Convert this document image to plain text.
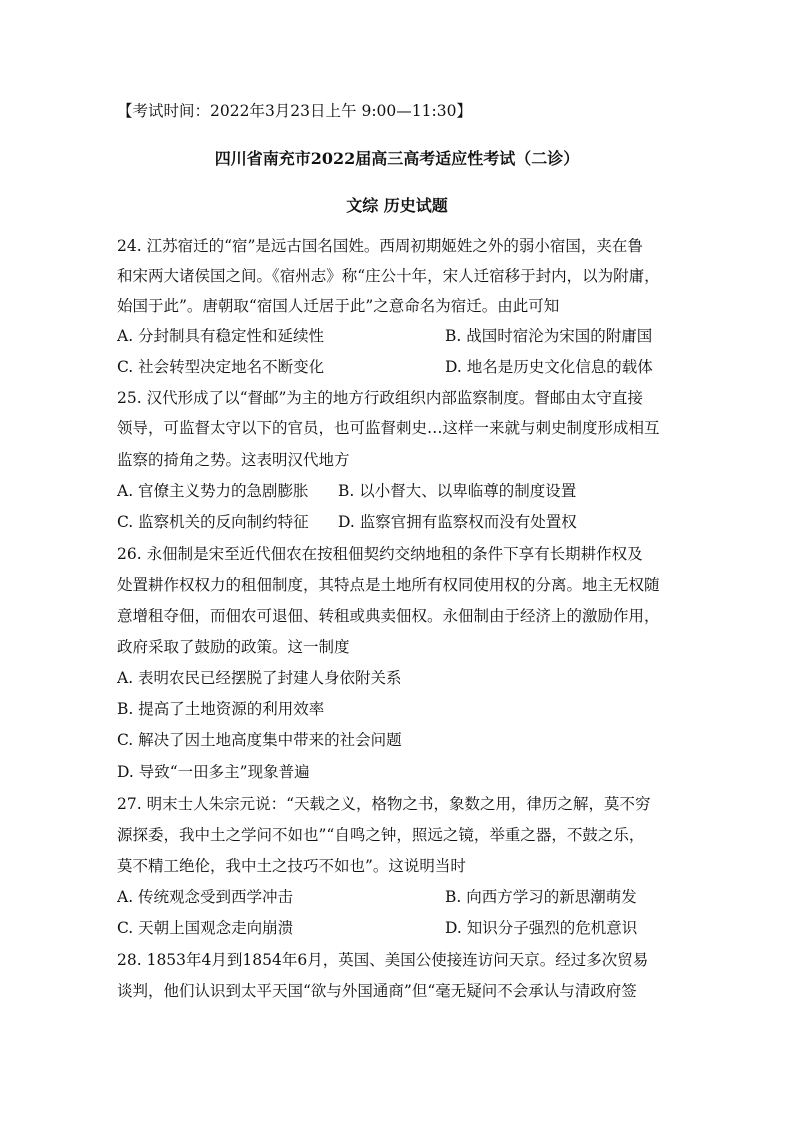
【考试时间：2022年3月23日上午 9:00—11:30】
四川省南充市2022届高三高考适应性考试（二诊）
文综 历史试题
24. 江苏宿迁的“宿”是远古国名国姓。西周初期姬姓之外的弱小宿国，夹在鲁
和宋两大诸侯国之间。《宿州志》称“庄公十年，宋人迁宿移于封内，以为附庸，
始国于此”。唐朝取“宿国人迁居于此”之意命名为宿迁。由此可知
A. 分封制具有稳定性和延续性	B. 战国时宿沦为宋国的附庸国
C. 社会转型决定地名不断变化	D. 地名是历史文化信息的载体
25. 汉代形成了以“督邮”为主的地方行政组织内部监察制度。督邮由太守直接
领导，可监督太守以下的官员，也可监督刺史…这样一来就与刺史制度形成相互
监察的掎角之势。这表明汉代地方
A. 官僚主义势力的急剧膨胀 B. 以小督大、以卑临尊的制度设置
C. 监察机关的反向制约特征 D. 监察官拥有监察权而没有处置权
26. 永佃制是宋至近代佃农在按租佃契约交纳地租的条件下享有长期耕作权及
处置耕作权权力的租佃制度，其特点是土地所有权同使用权的分离。地主无权随
意增租夺佃，而佃农可退佃、转租或典卖佃权。永佃制由于经济上的激励作用，
政府采取了鼓励的政策。这一制度
A. 表明农民已经摆脱了封建人身依附关系
B. 提高了土地资源的利用效率
C. 解决了因土地高度集中带来的社会问题
D. 导致“一田多主”现象普遍
27. 明末士人朱宗元说：“天载之义，格物之书，象数之用，律历之解，莫不穷
源探委，我中土之学问不如也”“自鸣之钟，照远之镜，举重之器，不鼓之乐，
莫不精工绝伦，我中土之技巧不如也”。这说明当时
A. 传统观念受到西学冲击	B. 向西方学习的新思潮萌发
C. 天朝上国观念走向崩溃	D. 知识分子强烈的危机意识
28. 1853年4月到1854年6月，英国、美国公使接连访问天京。经过多次贸易
谈判，他们认识到太平天国“欲与外国通商”但“毫无疑问不会承认与清政府签
